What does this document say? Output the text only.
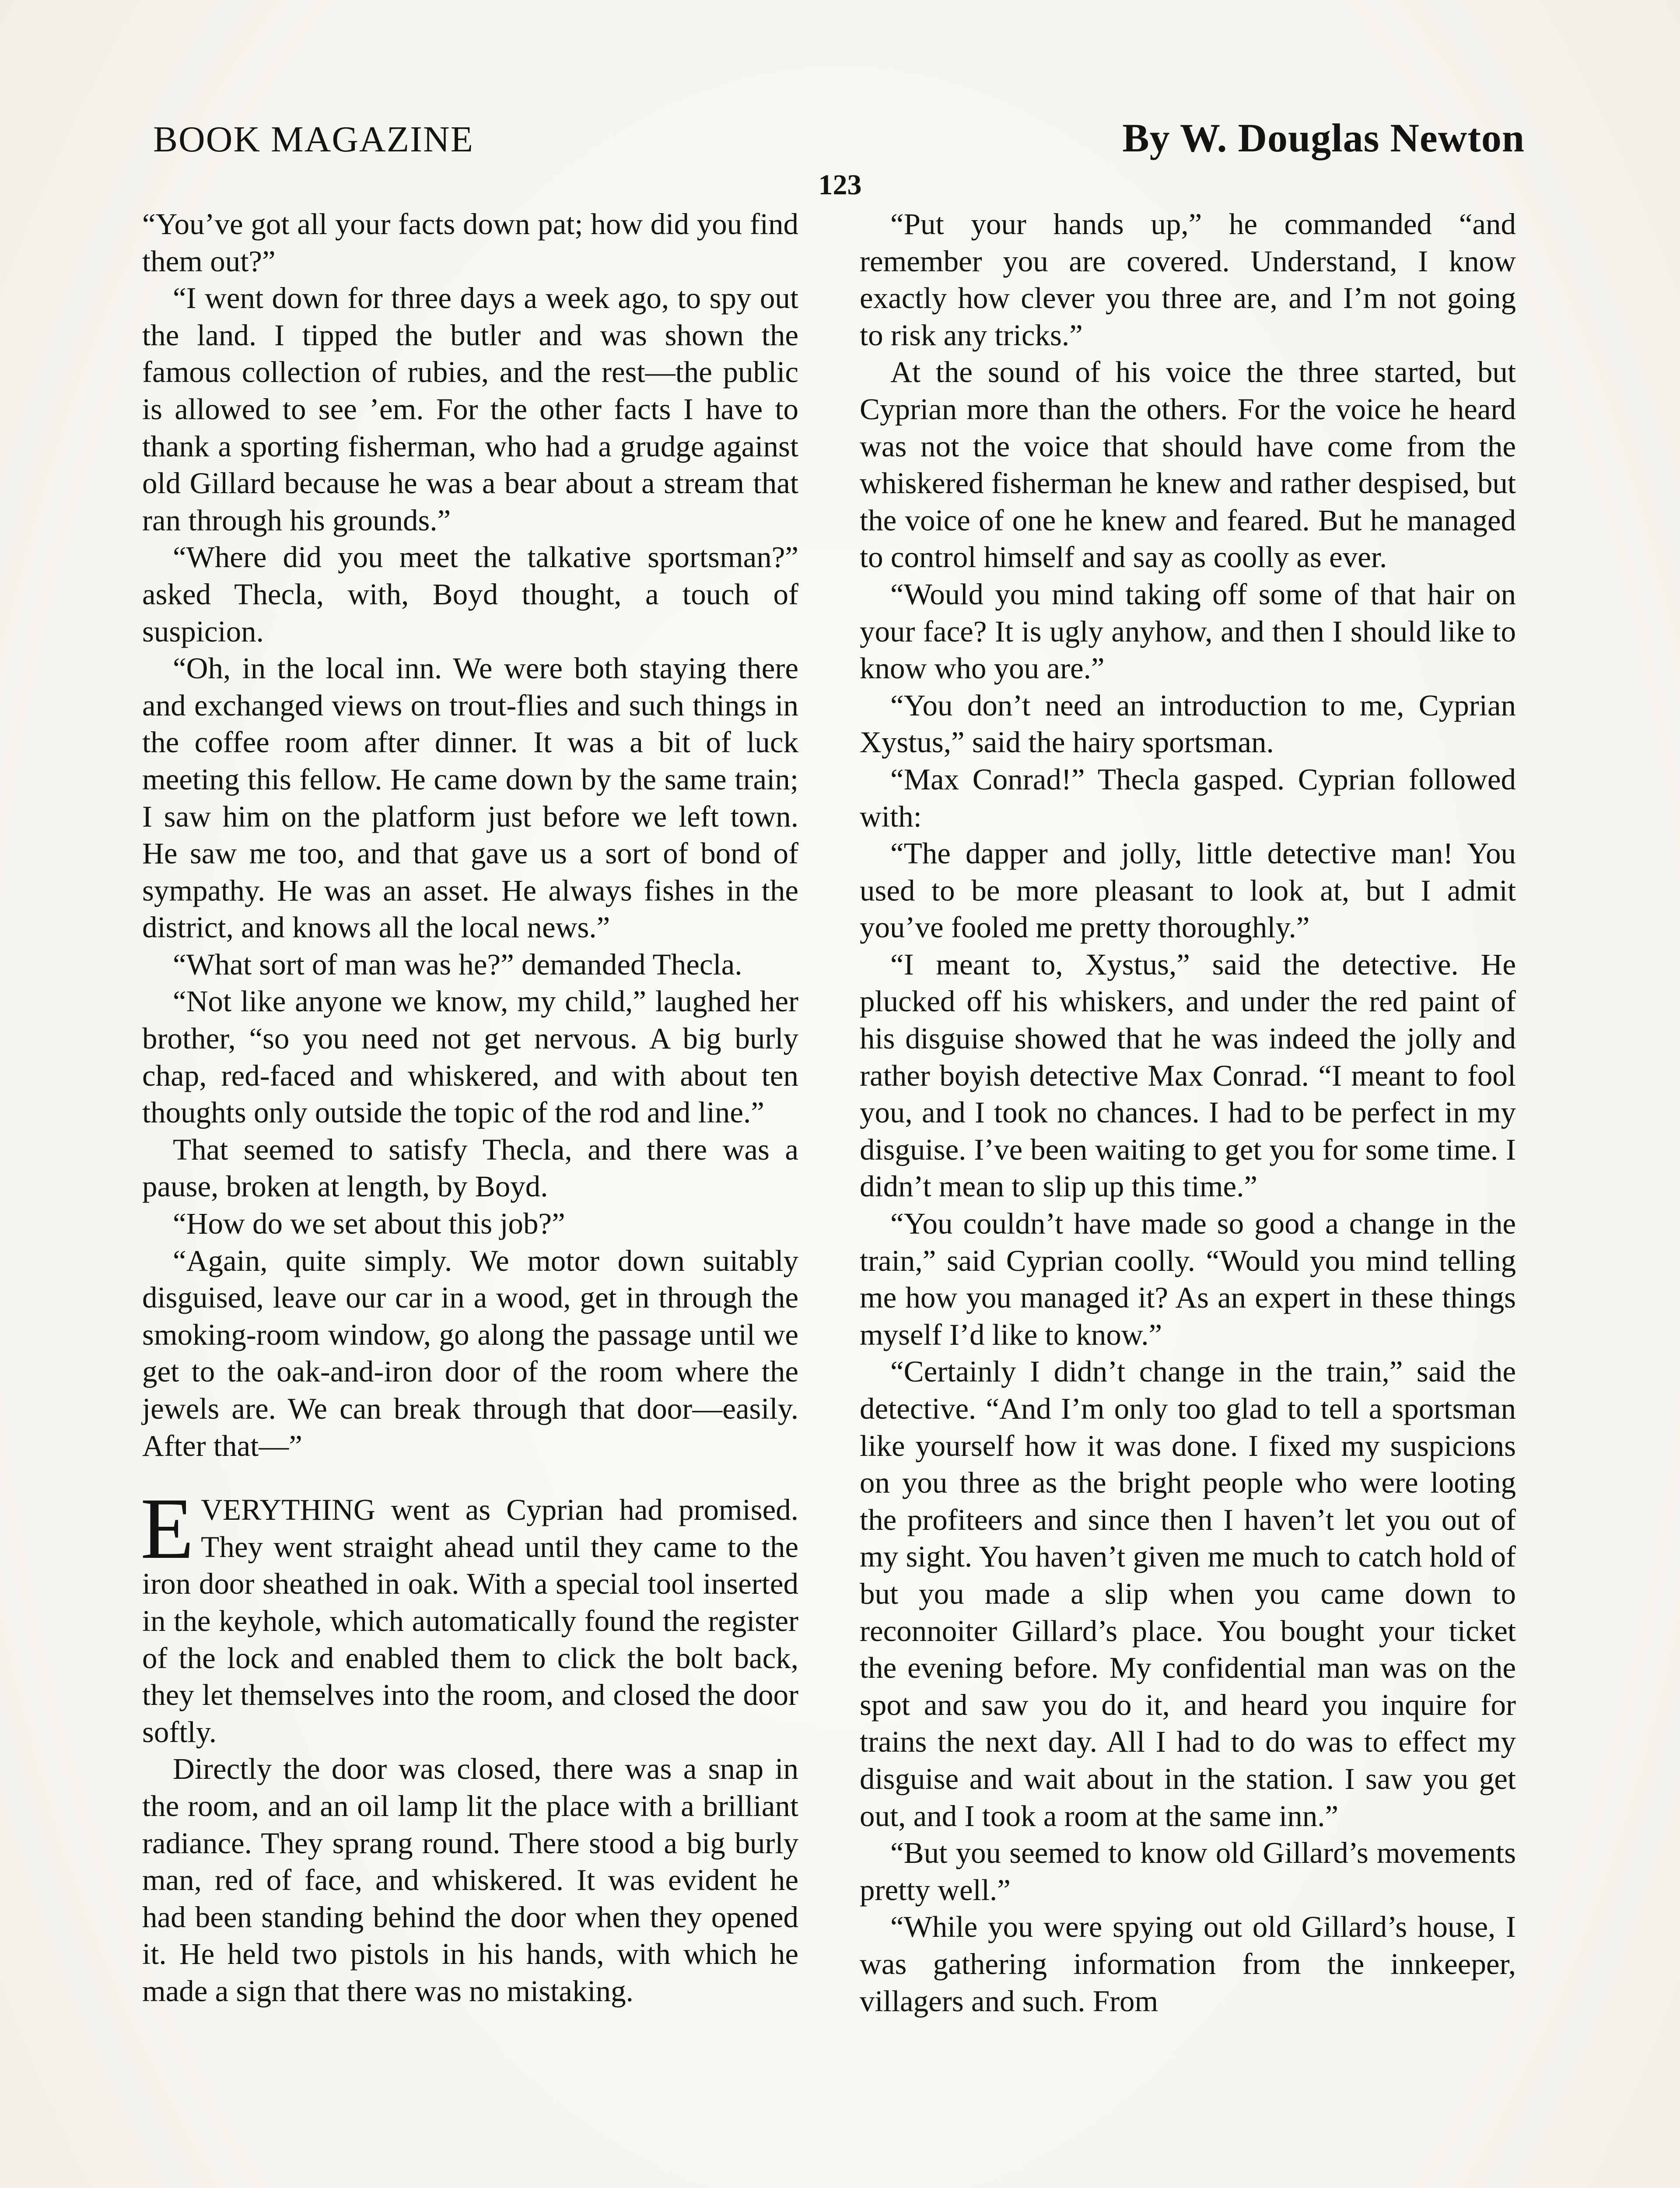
BOOK MAGAZINE	By W. Douglas Newton
123

“You’ve got all your facts down pat; how did you find them out?”

“I went down for three days a week ago, to spy out the land. I tipped the butler and was shown the famous collection of rubies, and the rest—the public is allowed to see ’em. For the other facts I have to thank a sporting fisherman, who had a grudge against old Gillard because he was a bear about a stream that ran through his grounds.”

“Where did you meet the talkative sportsman?” asked Thecla, with, Boyd thought, a touch of suspicion.

“Oh, in the local inn. We were both staying there and exchanged views on trout-flies and such things in the coffee room after dinner. It was a bit of luck meeting this fellow. He came down by the same train; I saw him on the platform just before we left town. He saw me too, and that gave us a sort of bond of sympathy. He was an asset. He always fishes in the district, and knows all the local news.”

“What sort of man was he?” demanded Thecla.

“Not like anyone we know, my child,” laughed her brother, “so you need not get nervous. A big burly chap, red-faced and whiskered, and with about ten thoughts only outside the topic of the rod and line.”

That seemed to satisfy Thecla, and there was a pause, broken at length, by Boyd.

“How do we set about this job?”

“Again, quite simply. We motor down suitably disguised, leave our car in a wood, get in through the smoking-room window, go along the passage until we get to the oak-and-iron door of the room where the jewels are. We can break through that door—easily. After that—”

E VERYTHING went as Cyprian had promised. They went straight ahead until they came to the iron door sheathed in oak. With a special tool inserted in the keyhole, which automatically found the register of the lock and enabled them to click the bolt back, they let themselves into the room, and closed the door softly.

Directly the door was closed, there was a snap in the room, and an oil lamp lit the place with a brilliant radiance. They sprang round. There stood a big burly man, red of face, and whiskered. It was evident he had been standing behind the door when they opened it. He held two pistols in his hands, with which he made a sign that there was no mistaking.

“Put your hands up,” he commanded “and remember you are covered. Understand, I know exactly how clever you three are, and I’m not going to risk any tricks.”

At the sound of his voice the three started, but Cyprian more than the others. For the voice he heard was not the voice that should have come from the whiskered fisherman he knew and rather despised, but the voice of one he knew and feared. But he managed to control himself and say as coolly as ever.

“Would you mind taking off some of that hair on your face? It is ugly anyhow, and then I should like to know who you are.”

“You don’t need an introduction to me, Cyprian Xystus,” said the hairy sportsman.

“Max Conrad!” Thecla gasped. Cyprian followed with:

“The dapper and jolly, little detective man! You used to be more pleasant to look at, but I admit you’ve fooled me pretty thoroughly.”

“I meant to, Xystus,” said the detective. He plucked off his whiskers, and under the red paint of his disguise showed that he was indeed the jolly and rather boyish detective Max Conrad. “I meant to fool you, and I took no chances. I had to be perfect in my disguise. I’ve been waiting to get you for some time. I didn’t mean to slip up this time.”

“You couldn’t have made so good a change in the train,” said Cyprian coolly. “Would you mind telling me how you managed it? As an expert in these things myself I’d like to know.”

“Certainly I didn’t change in the train,” said the detective. “And I’m only too glad to tell a sportsman like yourself how it was done. I fixed my suspicions on you three as the bright people who were looting the profiteers and since then I haven’t let you out of my sight. You haven’t given me much to catch hold of but you made a slip when you came down to reconnoiter Gillard’s place. You bought your ticket the evening before. My confidential man was on the spot and saw you do it, and heard you inquire for trains the next day. All I had to do was to effect my disguise and wait about in the station. I saw you get out, and I took a room at the same inn.”

“But you seemed to know old Gillard’s movements pretty well.”

“While you were spying out old Gillard’s house, I was gathering information from the innkeeper, villagers and such. From
